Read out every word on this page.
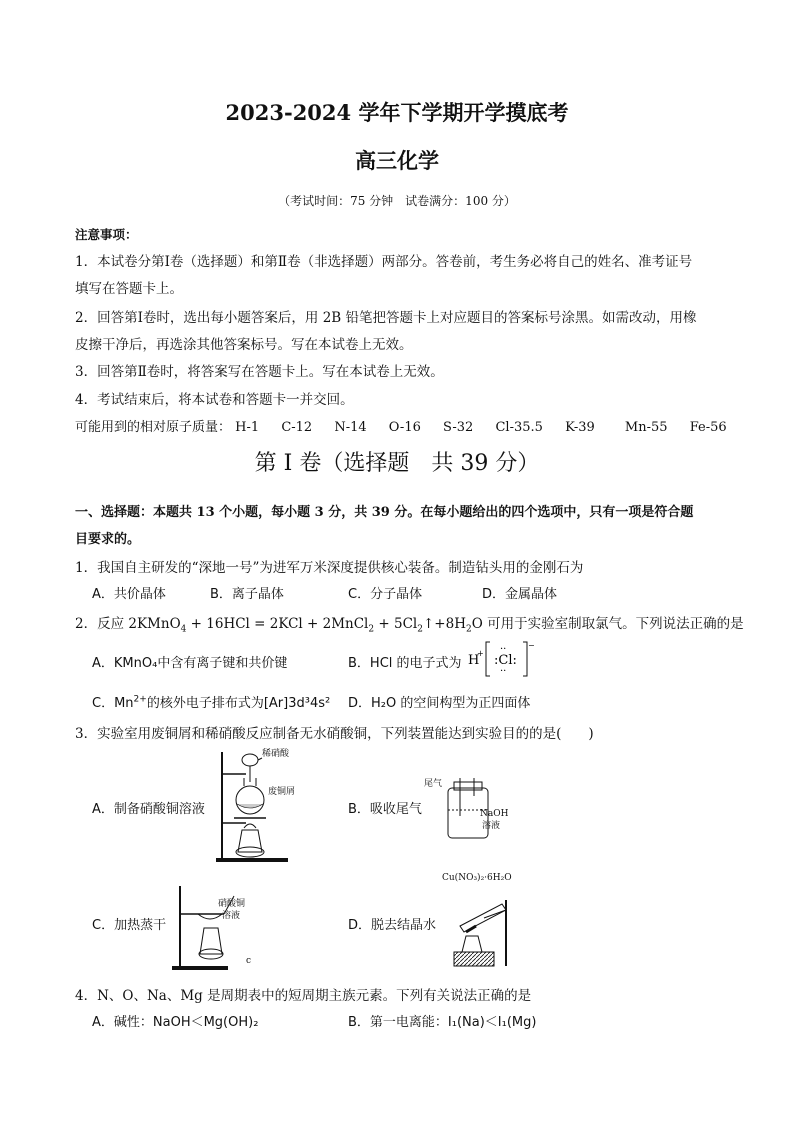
2023-2024 学年下学期开学摸底考
高三化学
（考试时间：75 分钟　试卷满分：100 分）
注意事项：
1．本试卷分第Ⅰ卷（选择题）和第Ⅱ卷（非选择题）两部分。答卷前，考生务必将自己的姓名、准考证号
填写在答题卡上。
2．回答第Ⅰ卷时，选出每小题答案后，用 2B 铅笔把答题卡上对应题目的答案标号涂黑。如需改动，用橡
皮擦干净后，再选涂其他答案标号。写在本试卷上无效。
3．回答第Ⅱ卷时，将答案写在答题卡上。写在本试卷上无效。
4．考试结束后，将本试卷和答题卡一并交回。
可能用到的相对原子质量： H-1 C-12 N-14 O-16 S-32 Cl-35.5 K-39 Mn-55 Fe-56
第 I 卷（选择题　共 39 分）
一、选择题：本题共 13 个小题，每小题 3 分，共 39 分。在每小题给出的四个选项中，只有一项是符合题
目要求的。
1．我国自主研发的“深地一号”为进军万米深度提供核心装备。制造钻头用的金刚石为
A．共价晶体	B．离子晶体	C．分子晶体	D．金属晶体
2．反应 2KMnO$_4$ + 16HCl = 2KCl + 2MnCl$_2$ + $5Cl_2↑+8H_2O$ 可用于实验室制取氯气。下列说法正确的是
A．KMnO₄中含有离子键和共价键	B．HCl 的电子式为 H
+ :Cl:
··
··
−
C．$Mn^{2+}$的核外电子排布式为[Ar]3d³4s² D．H₂O 的空间构型为正四面体
3．实验室用废铜屑和稀硝酸反应制备无水硝酸铜，下列装置能达到实验目的的是(　　)
稀硝酸
废铜屑
A．制备硝酸铜溶液
尾气
NaOH
溶液
B．吸收尾气
硝酸铜
溶液
C．加热蒸干
c
Cu(NO₃)₂·6H₂O
D．脱去结晶水
4．N、O、Na、Mg 是周期表中的短周期主族元素。下列有关说法正确的是
A．碱性：NaOH＜Mg(OH)₂	B．第一电离能：I₁(Na)＜I₁(Mg)
